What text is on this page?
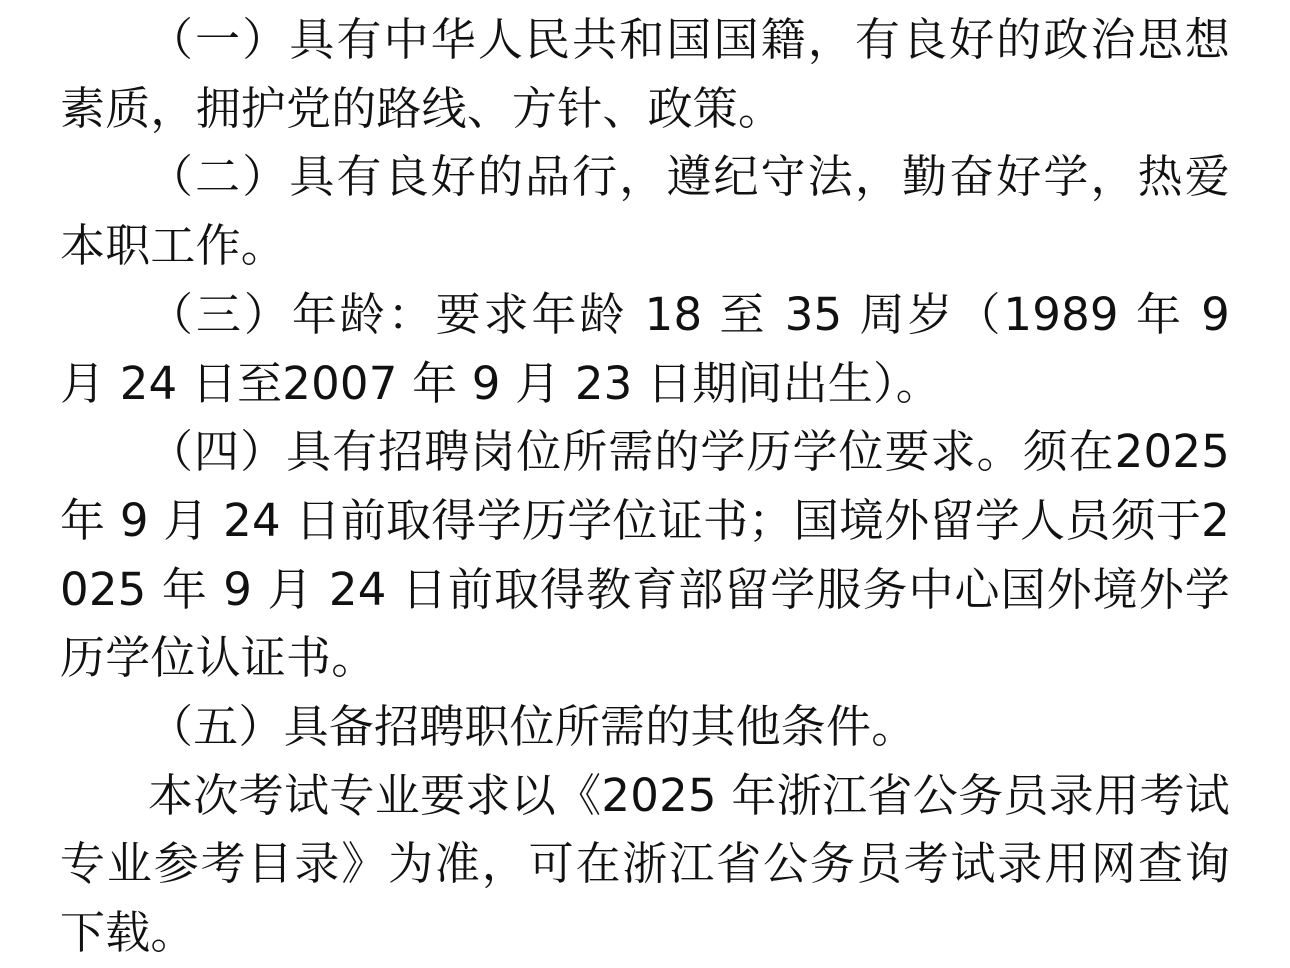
（一）具有中华人民共和国国籍，有良好的政治思想素质，拥护党的路线、方针、政策。

（二）具有良好的品行，遵纪守法，勤奋好学，热爱本职工作。

（三）年龄：要求年龄 18 至 35 周岁（1989 年 9 月 24 日至2007 年 9 月 23 日期间出生）。

（四）具有招聘岗位所需的学历学位要求。须在2025 年 9 月 24 日前取得学历学位证书；国境外留学人员须于2025 年 9 月 24 日前取得教育部留学服务中心国外境外学历学位认证书。

（五）具备招聘职位所需的其他条件。

本次考试专业要求以《2025 年浙江省公务员录用考试专业参考目录》为准，可在浙江省公务员考试录用网查询下载。
